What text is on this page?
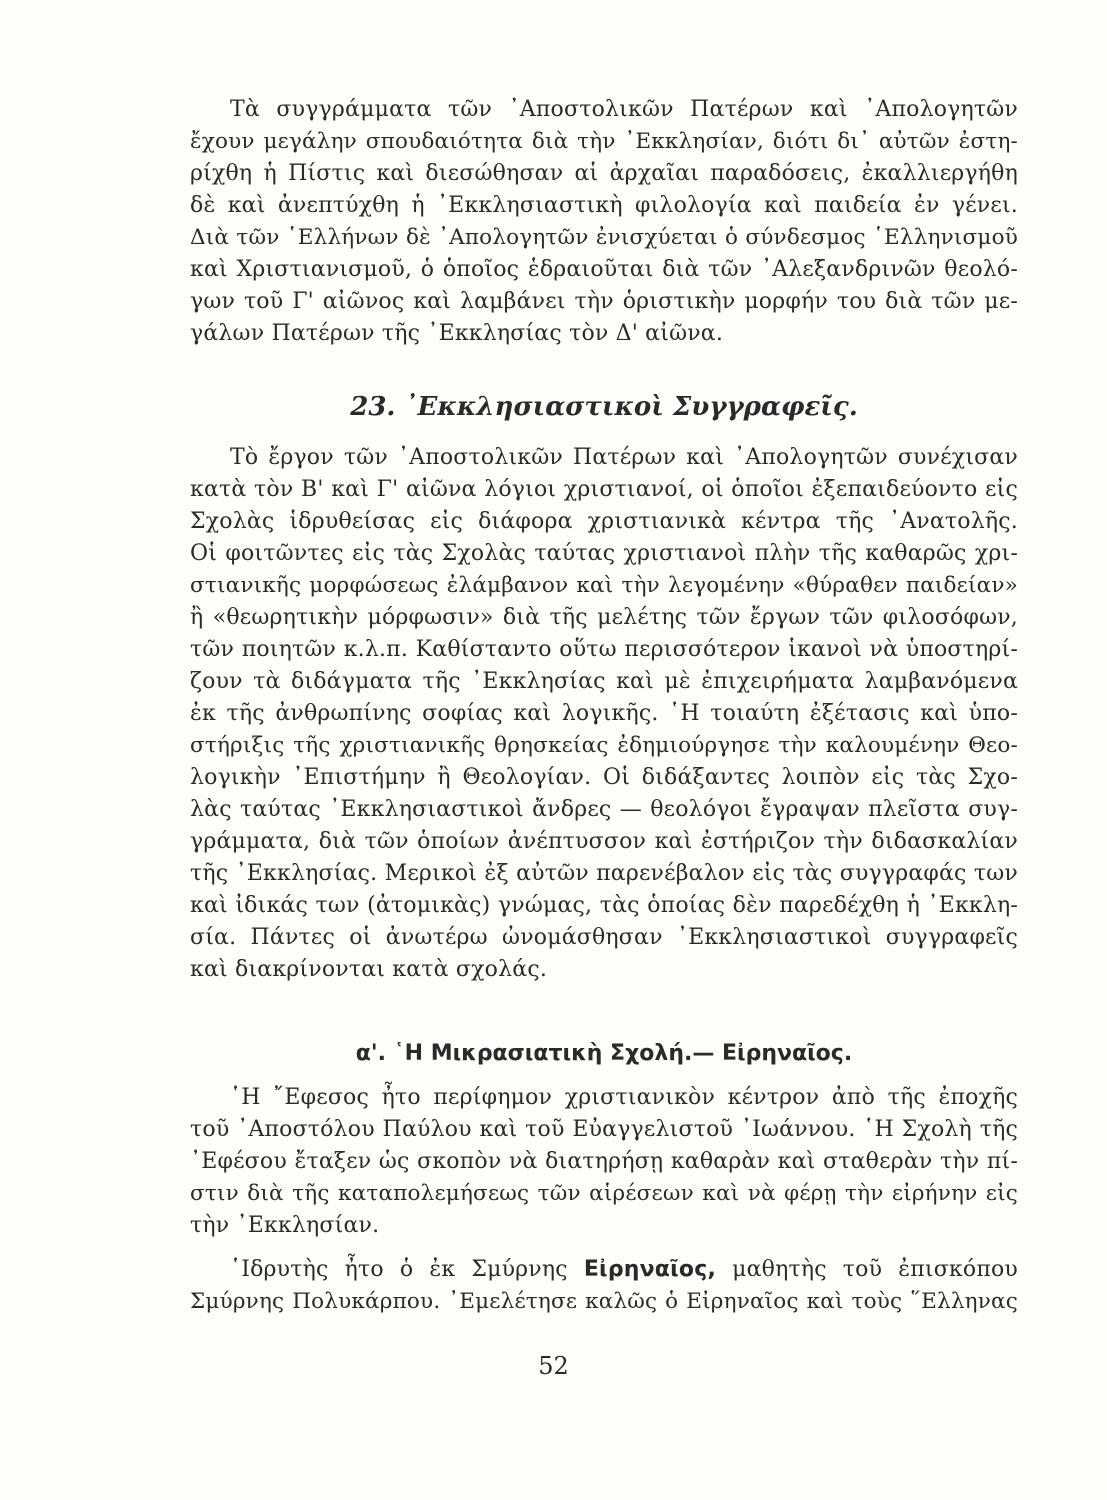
Τὰ συγγράμματα τῶν ᾿Αποστολικῶν Πατέρων καὶ ᾿Απολογητῶν
ἔχουν μεγάλην σπουδαιότητα διὰ τὴν ᾿Εκκλησίαν, διότι δι᾿ αὐτῶν ἐστη-
ρίχθη ἡ Πίστις καὶ διεσώθησαν αἱ ἀρχαῖαι παραδόσεις, ἐκαλλιεργήθη
δὲ καὶ ἀνεπτύχθη ἡ ᾿Εκκλησιαστικὴ φιλολογία καὶ παιδεία ἐν γένει.
Διὰ τῶν ῾Ελλήνων δὲ ᾿Απολογητῶν ἐνισχύεται ὁ σύνδεσμος ῾Ελληνισμοῦ
καὶ Χριστιανισμοῦ, ὁ ὁποῖος ἑδραιοῦται διὰ τῶν ᾿Αλεξανδρινῶν θεολό-
γων τοῦ Γ' αἰῶνος καὶ λαμβάνει τὴν ὁριστικὴν μορφήν του διὰ τῶν με-
γάλων Πατέρων τῆς ᾿Εκκλησίας τὸν Δ' αἰῶνα.
23. ᾿Εκκλησιαστικοὶ Συγγραφεῖς.
Τὸ ἔργον τῶν ᾿Αποστολικῶν Πατέρων καὶ ᾿Απολογητῶν συνέχισαν
κατὰ τὸν Β' καὶ Γ' αἰῶνα λόγιοι χριστιανοί, οἱ ὁποῖοι ἐξεπαιδεύοντο εἰς
Σχολὰς ἱδρυθείσας εἰς διάφορα χριστιανικὰ κέντρα τῆς ᾿Ανατολῆς.
Οἱ φοιτῶντες εἰς τὰς Σχολὰς ταύτας χριστιανοὶ πλὴν τῆς καθαρῶς χρι-
στιανικῆς μορφώσεως ἐλάμβανον καὶ τὴν λεγομένην «θύραθεν παιδείαν»
ἢ «θεωρητικὴν μόρφωσιν» διὰ τῆς μελέτης τῶν ἔργων τῶν φιλοσόφων,
τῶν ποιητῶν κ.λ.π. Καθίσταντο οὕτω περισσότερον ἱκανοὶ νὰ ὑποστηρί-
ζουν τὰ διδάγματα τῆς ᾿Εκκλησίας καὶ μὲ ἐπιχειρήματα λαμβανόμενα
ἐκ τῆς ἀνθρωπίνης σοφίας καὶ λογικῆς. ῾Η τοιαύτη ἐξέτασις καὶ ὑπο-
στήριξις τῆς χριστιανικῆς θρησκείας ἐδημιούργησε τὴν καλουμένην Θεο-
λογικὴν ᾿Επιστήμην ἢ Θεολογίαν. Οἱ διδάξαντες λοιπὸν εἰς τὰς Σχο-
λὰς ταύτας ᾿Εκκλησιαστικοὶ ἄνδρες — θεολόγοι ἔγραψαν πλεῖστα συγ-
γράμματα, διὰ τῶν ὁποίων ἀνέπτυσσον καὶ ἐστήριζον τὴν διδασκαλίαν
τῆς ᾿Εκκλησίας. Μερικοὶ ἐξ αὐτῶν παρενέβαλον εἰς τὰς συγγραφάς των
καὶ ἰδικάς των (ἀτομικὰς) γνώμας, τὰς ὁποίας δὲν παρεδέχθη ἡ ᾿Εκκλη-
σία. Πάντες οἱ ἀνωτέρω ὠνομάσθησαν ᾿Εκκλησιαστικοὶ συγγραφεῖς
καὶ διακρίνονται κατὰ σχολάς.
α'. ῾Η Μικρασιατικὴ Σχολή.— Εἰρηναῖος.
῾Η ῎Εφεσος ἦτο περίφημον χριστιανικὸν κέντρον ἀπὸ τῆς ἐποχῆς
τοῦ ᾿Αποστόλου Παύλου καὶ τοῦ Εὐαγγελιστοῦ ᾿Ιωάννου. ῾Η Σχολὴ τῆς
᾿Εφέσου ἔταξεν ὡς σκοπὸν νὰ διατηρήσῃ καθαρὰν καὶ σταθερὰν τὴν πί-
στιν διὰ τῆς καταπολεμήσεως τῶν αἱρέσεων καὶ νὰ φέρῃ τὴν εἰρήνην εἰς
τὴν ᾿Εκκλησίαν.
῾Ιδρυτὴς ἦτο ὁ ἐκ Σμύρνης Εἰρηναῖος, μαθητὴς τοῦ ἐπισκόπου
Σμύρνης Πολυκάρπου. ᾿Εμελέτησε καλῶς ὁ Εἰρηναῖος καὶ τοὺς ῞Ελληνας
52
